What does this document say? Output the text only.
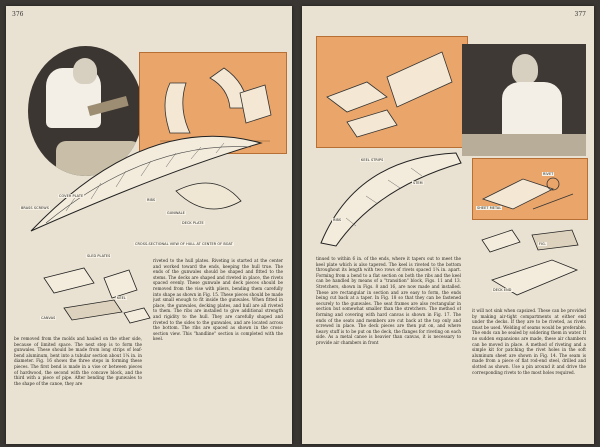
376
COVER PLATE
BRASS SCREWS
RIBS
GUNWALE
DECK PLATE
CROSS-SECTIONAL VIEW OF HULL AT CENTER OF BOAT
SLED PLATES
CANVAS
KEEL

be removed from the molds and hauled on the other side, because of limited space. The next step is to form the gunwales. These should be made from long strips of leaf-bend aluminum, bent into a tubular section about 1¼ in. in diameter. Fig. 16 shows the three steps in forming these pieces. The first bend is made in a vise or between pieces of hardwood, the second with the concave block, and the third with a piece of pipe. After bending the gunwales to the shape of the canoe, they are

riveted to the hull plates. Riveting is started at the center and worked toward the ends, keeping the hull true. The ends of the gunwales should be shaped and fitted to the stems. The decks are shaped and riveted in place, the rivets spaced evenly. These gunwale and deck pieces should be removed from the vise with pliers, bending them carefully into shape as shown in Fig. 15. These pieces should be made just small enough to fit inside the gunwales. When fitted in place, the gunwales, decking plates, and hull are all riveted to them. The ribs are installed to give additional strength and rigidity to the hull. They are carefully shaped and riveted to the sides to the gunwales, and are located across the bottom. The ribs are spaced as shown in the cross-section view. This "handline" section is completed with the keel.

377
KEEL STRIPS
RIBS
STEM
SHEET METAL
RIVET
FIG.
DECK END

tinued to within 6 in. of the ends, where it tapers out to meet the keel plate which is also tapered. The keel is riveted to the bottom throughout its length with two rows of rivets spaced 1¼ in. apart. Forming from a bend to a flat section on both the ribs and the keel can be handled by means of a "transition" block, Figs. 11 and 13. Stretchers, shown in Figs. 8 and 16, are now made and installed. These are rectangular in section and are easy to form, the ends being cut back at a taper. In Fig. 18 so that they can be fastened securely to the gunwales. The seat frames are also rectangular in section but somewhat smaller than the stretchers. The method of forming and covering with hard canvas is shown in Fig. 17. The ends of the seats and members are cut back at the top only and screwed in place. The deck pieces are then put on, and where heavy stuff is to be put on the deck, the flanges for riveting on each side. As a metal canoe is heavier than canvas, it is necessary to provide air chambers in front

it will not sink when capsized. These can be provided by making air-tight compartments at either end under the decks. If they are to be riveted, as rivets must be used. Welding of seams would be preferable. The ends can be sealed by soldering them in water. If no sudden expansions are made, these air chambers can be moved in place. A method of riveting and a simple kit for patching the rivet holes in the soft aluminum sheet are shown in Fig. 14. The seam is made from a piece of flat rod-end steel, drilled and slotted as shown. Use a pin around it and drive the corresponding rivets to the most holes required.
